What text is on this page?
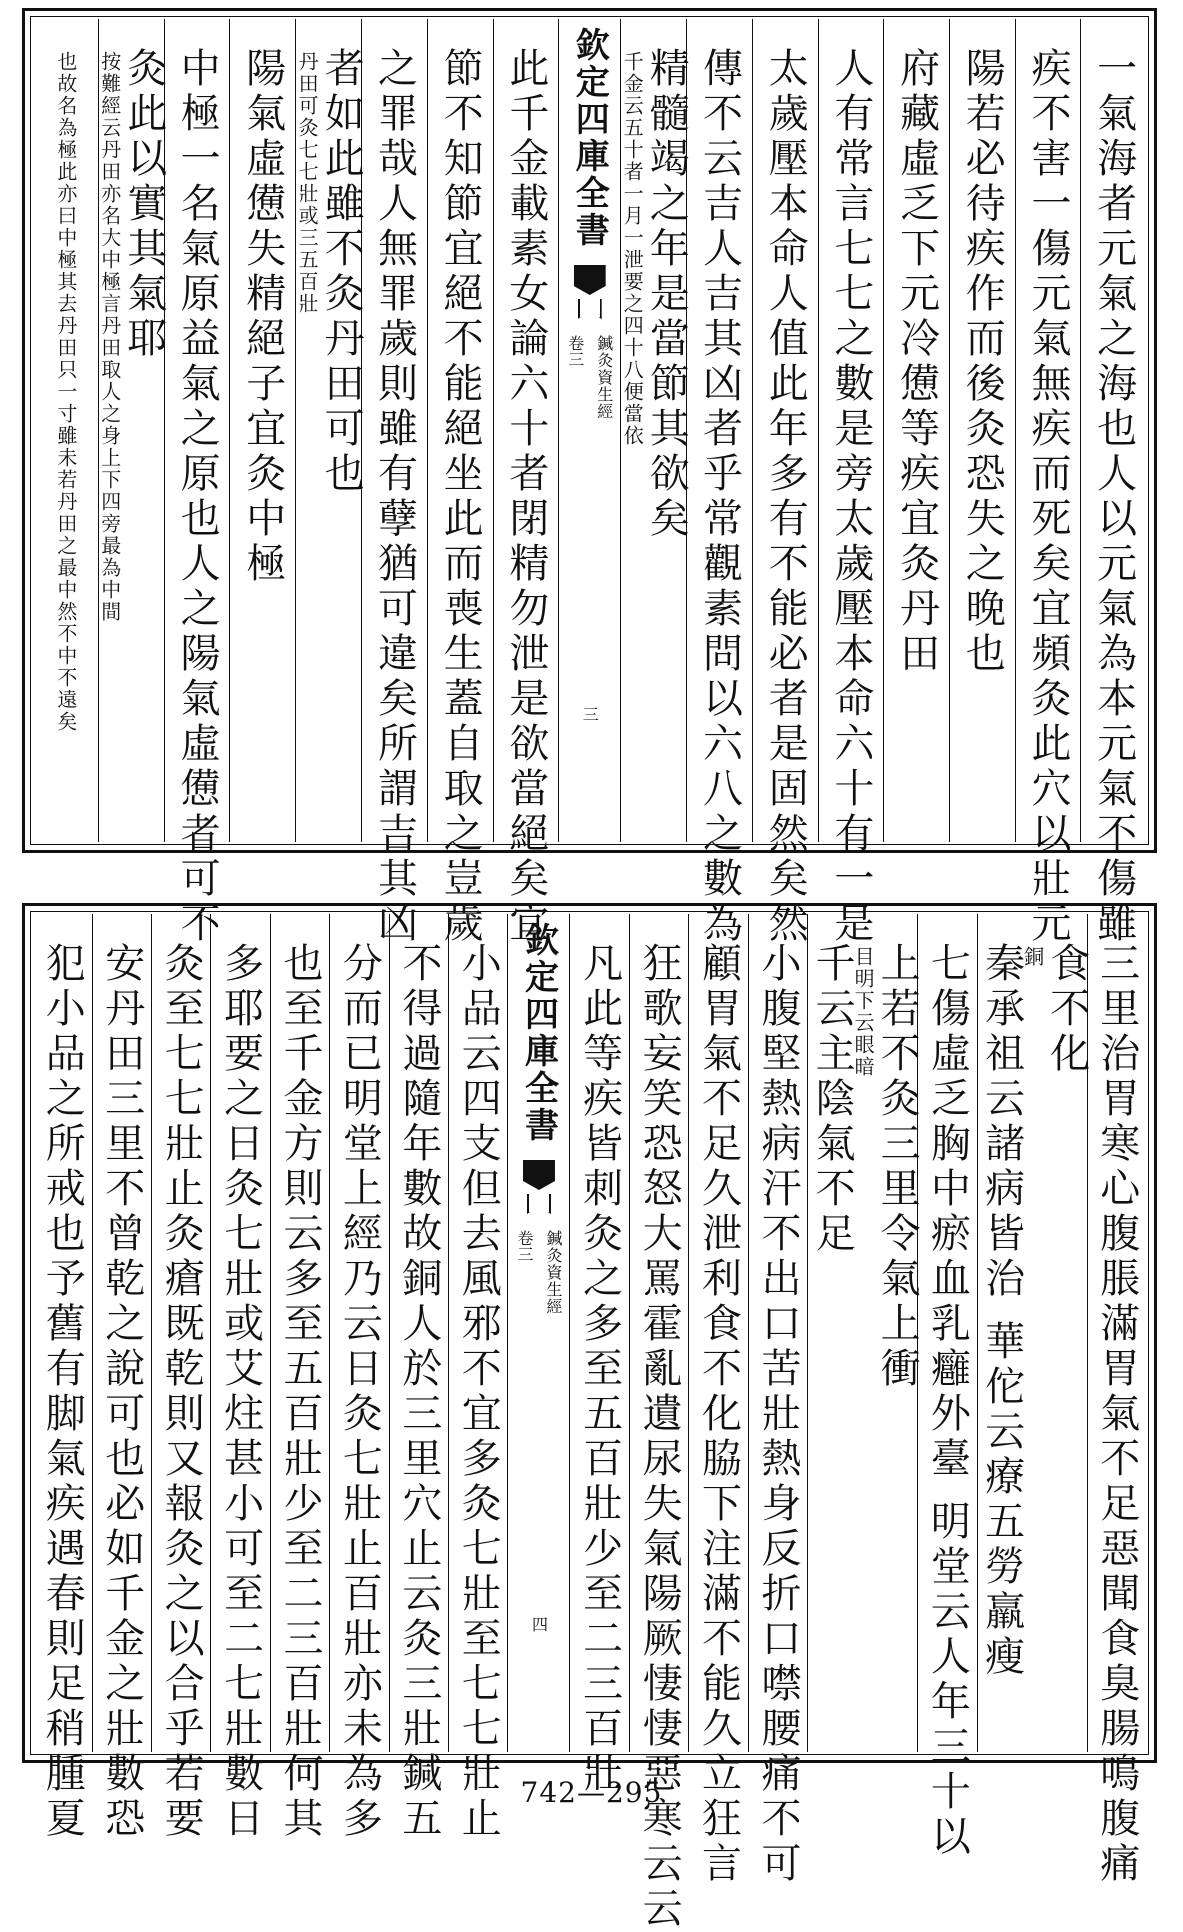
一氣海者元氣之海也人以元氣為本元氣不傷雖
疾不害一傷元氣無疾而死矣宜頻灸此穴以壯元
陽若必待疾作而後灸恐失之晚也
府藏虛乏下元冷憊等疾宜灸丹田
人有常言七七之數是旁太歲壓本命六十有一是
太歲壓本命人值此年多有不能必者是固然矣然
傳不云吉人吉其凶者乎常觀素問以六八之數為
精髓竭之年是當節其欲矣
千金云五十者一月一泄要之四十八便當依
欽定四庫全書
鍼灸資生經
卷三
三
此千金載素女論六十者閉精勿泄是欲當絕矣宜
節不知節宜絕不能絕坐此而喪生蓋自取之豈歲
之罪哉人無罪歲則雖有孽猶可違矣所謂吉其凶
者如此雖不灸丹田可也
丹田可灸七七壯或三五百壯
陽氣虛憊失精絕子宜灸中極
中極一名氣原益氣之原也人之陽氣虛憊者可不
灸此以實其氣耶
按難經云丹田亦名大中極言丹田取人之身上下四旁最為中間
也故名為極此亦曰中極其去丹田只一寸雖未若丹田之最中然不中不遠矣
三里治胃寒心腹脹滿胃氣不足惡聞食臭腸鳴腹痛
食不化
銅
秦承祖云諸病皆治 華佗云療五勞羸瘦
七傷虛乏胸中瘀血乳癰外臺 明堂云人年三十以
上若不灸三里令氣上衝
目明下云眼暗
千云主陰氣不足
小腹堅熱病汗不出口苦壯熱身反折口噤腰痛不可
顧胃氣不足久泄利食不化脇下注滿不能久立狂言
狂歌妄笑恐怒大罵霍亂遺尿失氣陽厥悽悽惡寒云云
凡此等疾皆刺灸之多至五百壯少至二三百壯
欽定四庫全書
鍼灸資生經
卷三
四
小品云四支但去風邪不宜多灸七壯至七七壯止
不得過隨年數故銅人於三里穴止云灸三壯鍼五
分而已明堂上經乃云日灸七壯止百壯亦未為多
也至千金方則云多至五百壯少至二三百壯何其
多耶要之日灸七壯或艾炷甚小可至二七壯數日
灸至七七壯止灸瘡既乾則又報灸之以合乎若要
安丹田三里不曾乾之說可也必如千金之壯數恐
犯小品之所戒也予舊有脚氣疾遇春則足稍腫夏	742—295
